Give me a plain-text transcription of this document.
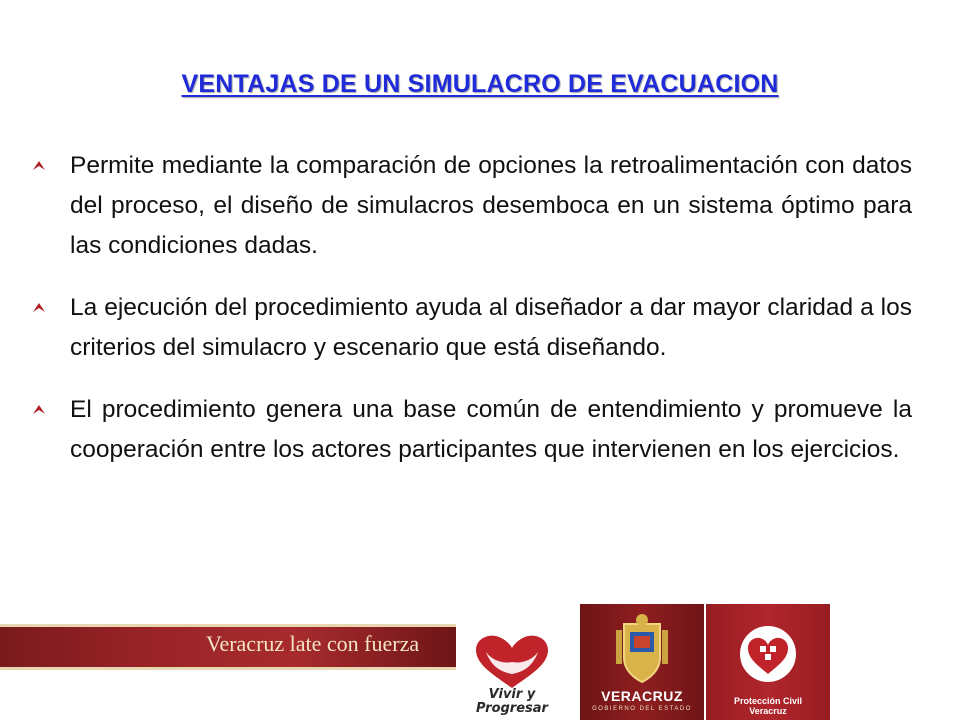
VENTAJAS DE UN SIMULACRO DE EVACUACION
Permite mediante la comparación de opciones la retroalimentación con datos del proceso, el diseño de simulacros desemboca en un sistema óptimo para las condiciones dadas.
La ejecución del procedimiento ayuda al diseñador a dar mayor claridad a los criterios del simulacro y escenario que está diseñando.
El procedimiento genera una base común de entendimiento y promueve la cooperación entre los actores participantes que intervienen en los ejercicios.
Veracruz late con fuerza
Vivir y
Progresar
VERACRUZ
GOBIERNO DEL ESTADO
Protección Civil
Veracruz
